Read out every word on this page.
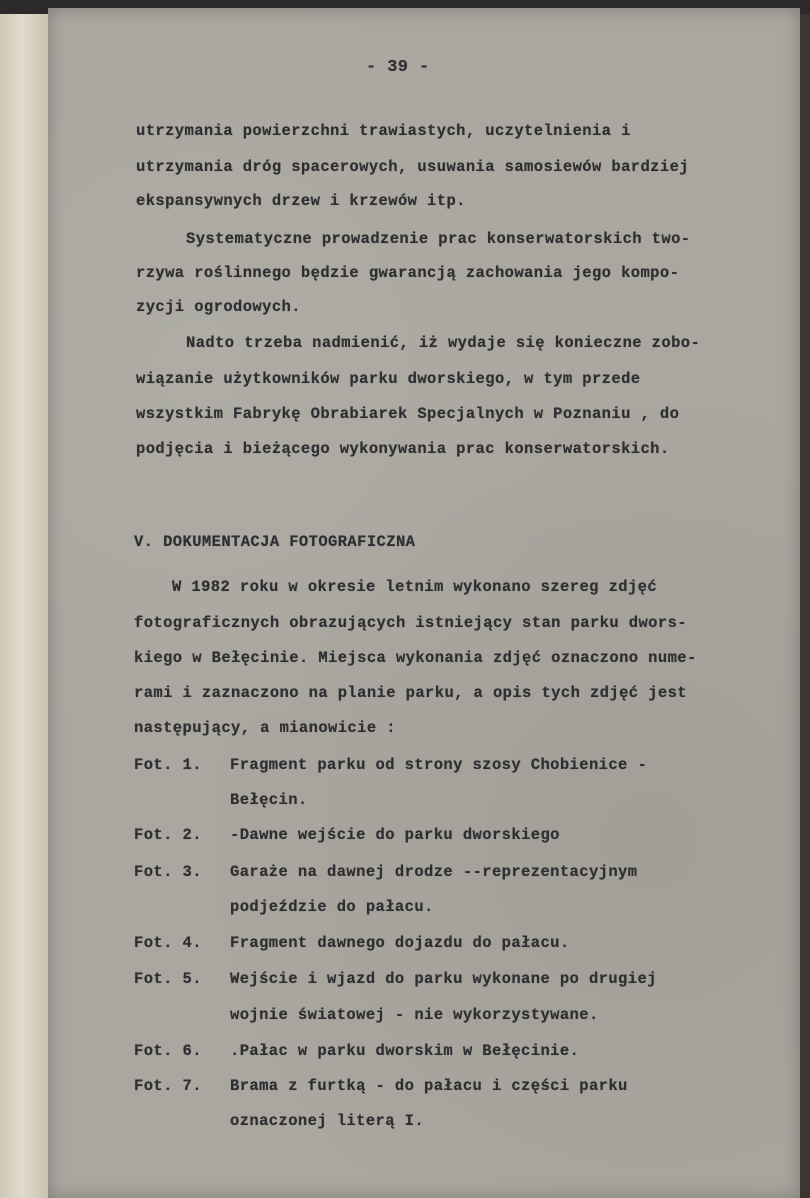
- 39 -
utrzymania powierzchni trawiastych, uczytelnienia i
utrzymania dróg spacerowych, usuwania samosiewów bardziej
ekspansywnych drzew i krzewów itp.
Systematyczne prowadzenie prac konserwatorskich two-
rzywa roślinnego będzie gwarancją zachowania jego kompo-
zycji ogrodowych.
Nadto trzeba nadmienić, iż wydaje się konieczne zobo-
wiązanie użytkowników parku dworskiego, w tym przede
wszystkim Fabrykę Obrabiarek Specjalnych w Poznaniu , do
podjęcia i bieżącego wykonywania prac konserwatorskich.
V. DOKUMENTACJA FOTOGRAFICZNA
W 1982 roku w okresie letnim wykonano szereg zdjęć
fotograficznych obrazujących istniejący stan parku dwors-
kiego w Bełęcinie. Miejsca wykonania zdjęć oznaczono nume-
rami i zaznaczono na planie parku, a opis tych zdjęć jest
następujący, a mianowicie :
Fot. 1. Fragment parku od strony szosy Chobienice -
Bełęcin.
Fot. 2. -Dawne wejście do parku dworskiego
Fot. 3. Garaże na dawnej drodze --reprezentacyjnym
podjeździe do pałacu.
Fot. 4. Fragment dawnego dojazdu do pałacu.
Fot. 5. Wejście i wjazd do parku wykonane po drugiej
wojnie światowej - nie wykorzystywane.
Fot. 6. .Pałac w parku dworskim w Bełęcinie.
Fot. 7. Brama z furtką - do pałacu i części parku
oznaczonej literą I.
